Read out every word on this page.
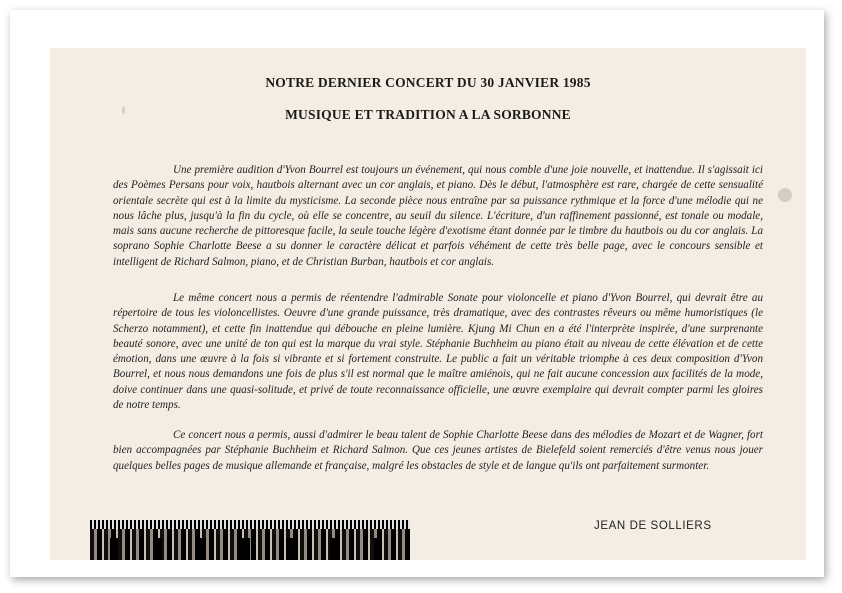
NOTRE DERNIER CONCERT DU 30 JANVIER 1985
MUSIQUE ET TRADITION A LA SORBONNE

Une première audition d'Yvon Bourrel est toujours un événement, qui nous comble d'une joie nouvelle, et inattendue. Il s'agissait ici des Poèmes Persans pour voix, hautbois alternant avec un cor anglais, et piano. Dès le début, l'atmosphère est rare, chargée de cette sensualité orientale secrète qui est à la limite du mysticisme. La seconde pièce nous entraîne par sa puissance rythmique et la force d'une mélodie qui ne nous lâche plus, jusqu'à la fin du cycle, où elle se concentre, au seuil du silence. L'écriture, d'un raffinement passionné, est tonale ou modale, mais sans aucune recherche de pittoresque facile, la seule touche légère d'exotisme étant donnée par le timbre du hautbois ou du cor anglais. La soprano Sophie Charlotte Beese a su donner le caractère délicat et parfois véhément de cette très belle page, avec le concours sensible et intelligent de Richard Salmon, piano, et de Christian Burban, hautbois et cor anglais.

Le même concert nous a permis de réentendre l'admirable Sonate pour violoncelle et piano d'Yvon Bourrel, qui devrait être au répertoire de tous les violoncellistes. Oeuvre d'une grande puissance, très dramatique, avec des contrastes rêveurs ou même humoristiques (le Scherzo notamment), et cette fin inattendue qui débouche en pleine lumière. Kjung Mi Chun en a été l'interprète inspirée, d'une surprenante beauté sonore, avec une unité de ton qui est la marque du vrai style. Stéphanie Buchheim au piano était au niveau de cette élévation et de cette émotion, dans une œuvre à la fois si vibrante et si fortement construite. Le public a fait un véritable triomphe à ces deux composition d'Yvon Bourrel, et nous nous demandons une fois de plus s'il est normal que le maître amiénois, qui ne fait aucune concession aux facilités de la mode, doive continuer dans une quasi-solitude, et privé de toute reconnaissance officielle, une œuvre exemplaire qui devrait compter parmi les gloires de notre temps.

Ce concert nous a permis, aussi d'admirer le beau talent de Sophie Charlotte Beese dans des mélodies de Mozart et de Wagner, fort bien accompagnées par Stéphanie Buchheim et Richard Salmon. Que ces jeunes artistes de Bielefeld soient remerciés d'être venus nous jouer quelques belles pages de musique allemande et française, malgré les obstacles de style et de langue qu'ils ont parfaitement surmonter.

JEAN DE SOLLIERS
